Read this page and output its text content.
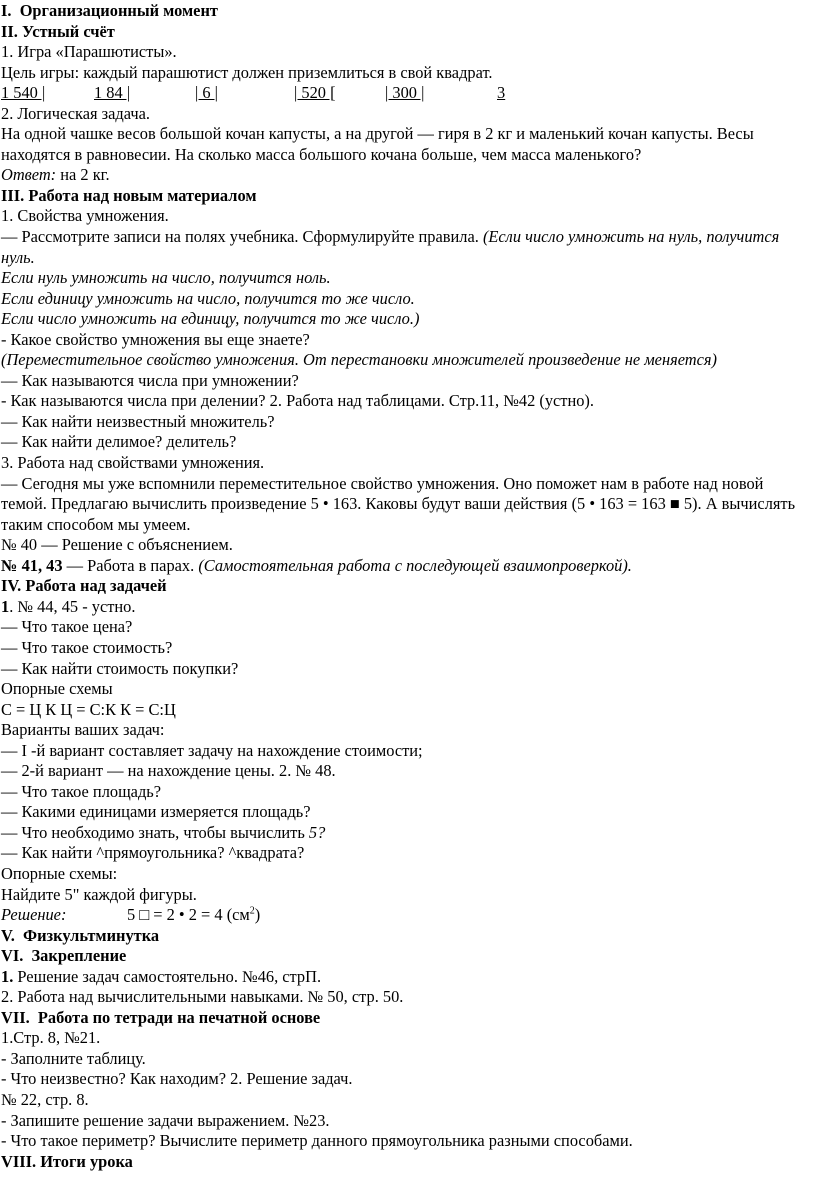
I. Организационный момент

II. Устный счёт

1. Игра «Парашютисты».

Цель игры: каждый парашютист должен приземлиться в свой квадрат.

1 540 |	1 84 |	| 6 |	| 520 [	| 300 |	3

2. Логическая задача.

На одной чашке весов большой кочан капусты, а на другой — гиря в 2 кг и маленький кочан капусты. Весы находятся в равновесии. На сколько масса большого кочана больше, чем масса маленького?

Ответ: на 2 кг.

III. Работа над новым материалом

1. Свойства умножения.

— Рассмотрите записи на полях учебника. Сформулируйте правила. (Если число умножить на нуль, получится нуль.

Если нуль умножить на число, получится ноль.

Если единицу умножить на число, получится то же число.

Если число умножить на единицу, получится то же число.)

- Какое свойство умножения вы еще знаете?

(Переместительное свойство умножения. От перестановки множителей произведение не меняется)

— Как называются числа при умножении?

- Как называются числа при делении? 2. Работа над таблицами. Стр.11, №42 (устно).

— Как найти неизвестный множитель?

— Как найти делимое? делитель?

3. Работа над свойствами умножения.

— Сегодня мы уже вспомнили переместительное свойство умножения. Оно поможет нам в работе над новой темой. Предлагаю вычислить произведение 5 • 163. Каковы будут ваши действия (5 • 163 = 163 ■ 5). А вычислять таким способом мы умеем.

№ 40 — Решение с объяснением.

№ 41, 43 — Работа в парах. (Самостоятельная работа с последующей взаимопроверкой).

IV. Работа над задачей

1. № 44, 45 - устно.

— Что такое цена?

— Что такое стоимость?

— Как найти стоимость покупки?

Опорные схемы

С = Ц К Ц = С:К К = С:Ц

Варианты ваших задач:

— I -й вариант составляет задачу на нахождение стоимости;

— 2-й вариант — на нахождение цены. 2. № 48.

— Что такое площадь?

— Какими единицами измеряется площадь?

— Что необходимо знать, чтобы вычислить 5?

— Как найти ^прямоугольника? ^квадрата?

Опорные схемы:

Найдите 5" каждой фигуры.

Решение:	5 □ = 2 • 2 = 4 $(см^2)$

V. Физкультминутка

VI. Закрепление

1. Решение задач самостоятельно. №46, стрП.

2. Работа над вычислительными навыками. № 50, стр. 50.

VII. Работа по тетради на печатной основе

1.Стр. 8, №21.

- Заполните таблицу.

- Что неизвестно? Как находим? 2. Решение задач.

№ 22, стр. 8.

- Запишите решение задачи выражением. №23.

- Что такое периметр? Вычислите периметр данного прямоугольника разными способами.

VIII. Итоги урока
